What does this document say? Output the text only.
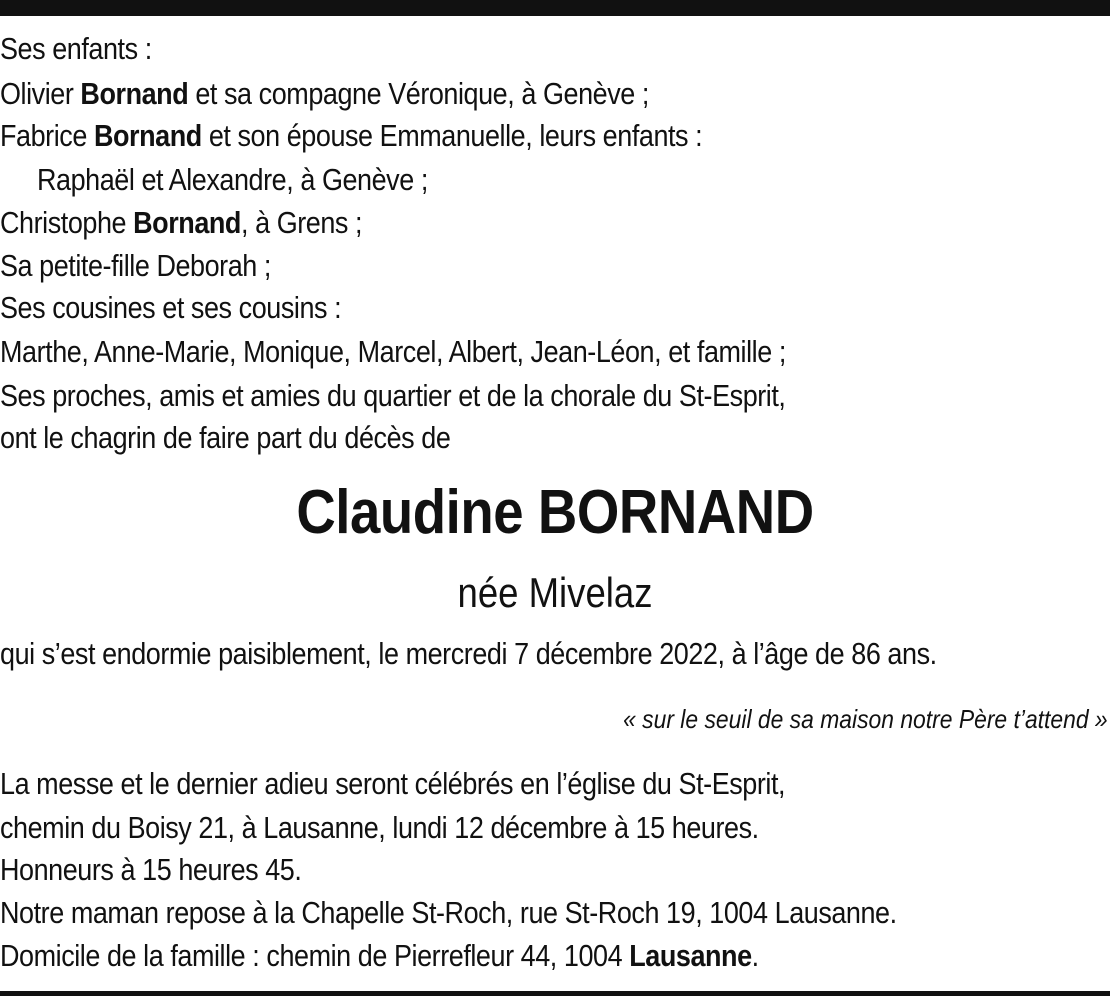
Ses enfants :
Olivier Bornand et sa compagne Véronique, à Genève ;
Fabrice Bornand et son épouse Emmanuelle, leurs enfants :
Raphaël et Alexandre, à Genève ;
Christophe Bornand, à Grens ;
Sa petite-fille Deborah ;
Ses cousines et ses cousins :
Marthe, Anne-Marie, Monique, Marcel, Albert, Jean-Léon, et famille ;
Ses proches, amis et amies du quartier et de la chorale du St-Esprit,
ont le chagrin de faire part du décès de
Claudine BORNAND
née Mivelaz
qui s’est endormie paisiblement, le mercredi 7 décembre 2022, à l’âge de 86 ans.
« sur le seuil de sa maison notre Père t’attend »
La messe et le dernier adieu seront célébrés en l’église du St-Esprit,
chemin du Boisy 21, à Lausanne, lundi 12 décembre à 15 heures.
Honneurs à 15 heures 45.
Notre maman repose à la Chapelle St-Roch, rue St-Roch 19, 1004 Lausanne.
Domicile de la famille : chemin de Pierrefleur 44, 1004 Lausanne.
